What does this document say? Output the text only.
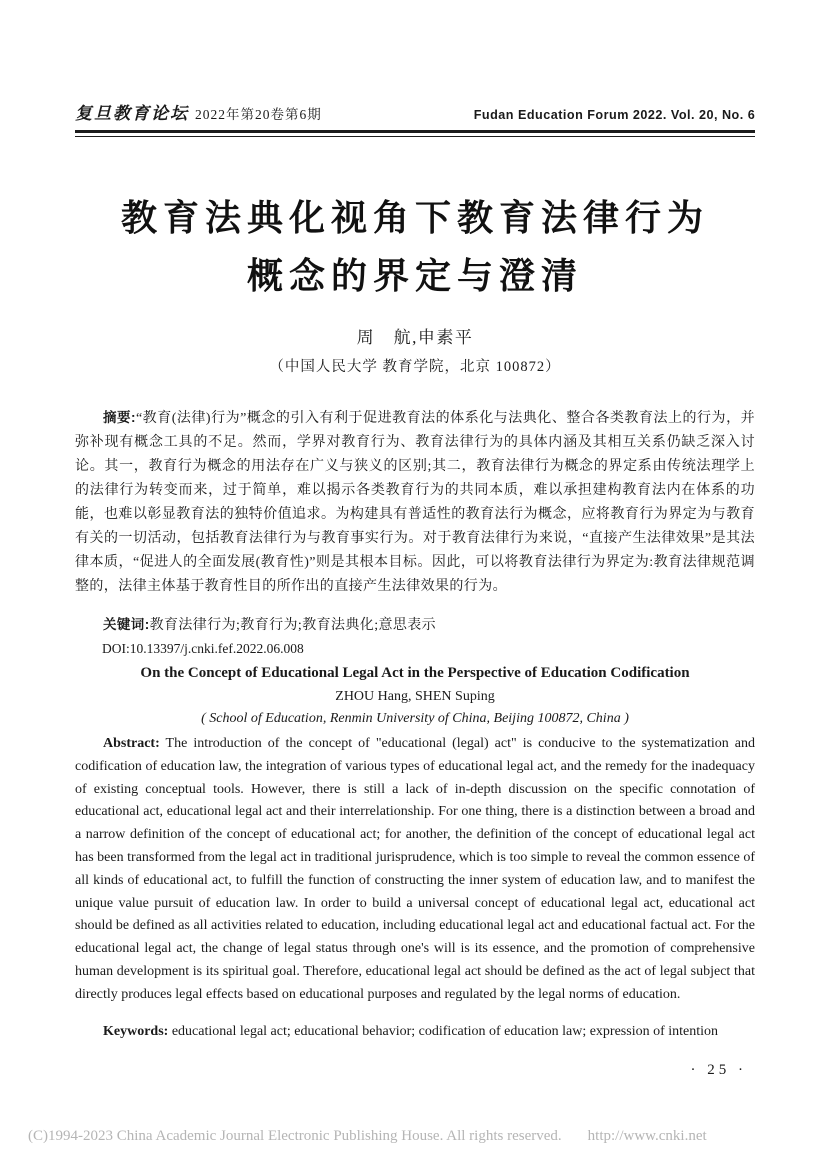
复旦教育论坛 2022年第20卷第6期	Fudan Education Forum 2022. Vol. 20, No. 6
教育法典化视角下教育法律行为
概念的界定与澄清
周　航,申素平
（中国人民大学 教育学院，北京 100872）

摘要:“教育(法律)行为”概念的引入有利于促进教育法的体系化与法典化、整合各类教育法上的行为，并弥补现有概念工具的不足。然而，学界对教育行为、教育法律行为的具体内涵及其相互关系仍缺乏深入讨论。其一，教育行为概念的用法存在广义与狭义的区别;其二，教育法律行为概念的界定系由传统法理学上的法律行为转变而来，过于简单，难以揭示各类教育行为的共同本质，难以承担建构教育法内在体系的功能，也难以彰显教育法的独特价值追求。为构建具有普适性的教育法行为概念，应将教育行为界定为与教育有关的一切活动，包括教育法律行为与教育事实行为。对于教育法律行为来说，“直接产生法律效果”是其法律本质，“促进人的全面发展(教育性)”则是其根本目标。因此，可以将教育法律行为界定为:教育法律规范调整的，法律主体基于教育性目的所作出的直接产生法律效果的行为。

关键词:教育法律行为;教育行为;教育法典化;意思表示
DOI:10.13397/j.cnki.fef.2022.06.008
On the Concept of Educational Legal Act in the Perspective of Education Codification
ZHOU Hang, SHEN Suping
( School of Education, Renmin University of China, Beijing 100872, China )

Abstract: The introduction of the concept of "educational (legal) act" is conducive to the systematization and codification of education law, the integration of various types of educational legal act, and the remedy for the inadequacy of existing conceptual tools. However, there is still a lack of in-depth discussion on the specific connotation of educational act, educational legal act and their interrelationship. For one thing, there is a distinction between a broad and a narrow definition of the concept of educational act; for another, the definition of the concept of educational legal act has been transformed from the legal act in traditional jurisprudence, which is too simple to reveal the common essence of all kinds of educational act, to fulfill the function of constructing the inner system of education law, and to manifest the unique value pursuit of education law. In order to build a universal concept of educational legal act, educational act should be defined as all activities related to education, including educational legal act and educational factual act. For the educational legal act, the change of legal status through one's will is its essence, and the promotion of comprehensive human development is its spiritual goal. Therefore, educational legal act should be defined as the act of legal subject that directly produces legal effects based on educational purposes and regulated by the legal norms of education.

Keywords: educational legal act; educational behavior; codification of education law; expression of intention
· 25 ·
(C)1994-2023 China Academic Journal Electronic Publishing House. All rights reserved. http://www.cnki.net
